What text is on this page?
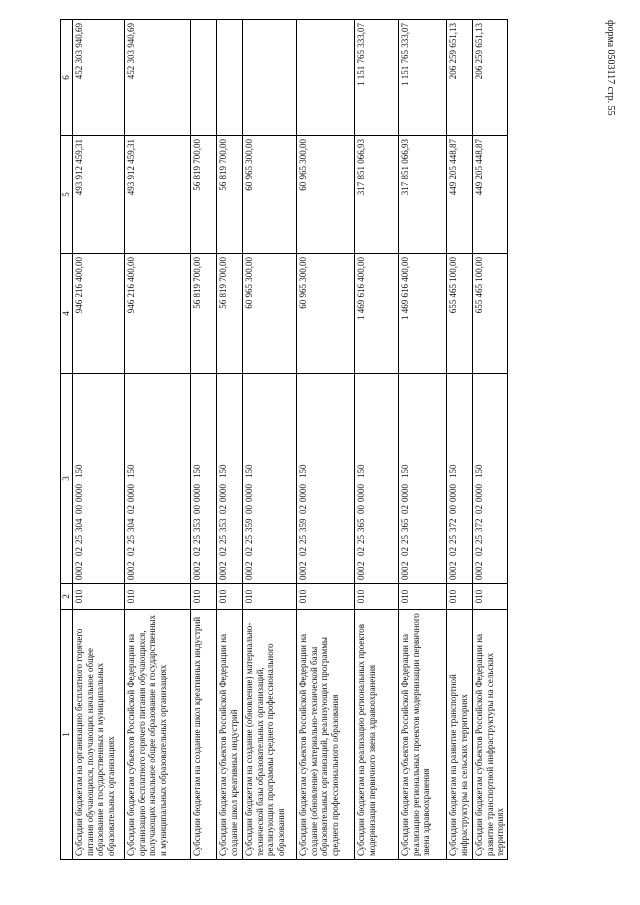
форма 0503117 стр. 55
1	2	3	4	5	6
Субсидии бюджетам на организацию бесплатного горячего питания обучающихся, получающих начальное общее образование в государственных и муниципальных образовательных организациях	010	00020225304000000150	946 216 400,00	493 912 459,31	452 303 940,69
Субсидии бюджетам субъектов Российской Федерации на организацию бесплатного горячего питания обучающихся, получающих начальное общее образование в государственных и муниципальных образовательных организациях	010	00020225304020000150	946 216 400,00	493 912 459,31	452 303 940,69
Субсидии бюджетам на создание школ креативных индустрий	010	00020225353000000150	56 819 700,00	56 819 700,00	
Субсидии бюджетам субъектов Российской Федерации на создание школ креативных индустрий	010	00020225353020000150	56 819 700,00	56 819 700,00	
Субсидии бюджетам на создание (обновление) материально-технической базы образовательных организаций, реализующих программы среднего профессионального образования	010	00020225359000000150	60 965 300,00	60 965 300,00	
Субсидии бюджетам субъектов Российской Федерации на создание (обновление) материально-технической базы образовательных организаций, реализующих программы среднего профессионального образования	010	00020225359020000150	60 965 300,00	60 965 300,00	
Субсидии бюджетам на реализацию региональных проектов модернизации первичного звена здравоохранения	010	00020225365000000150	1 469 616 400,00	317 851 066,93	1 151 765 333,07
Субсидии бюджетам субъектов Российской Федерации на реализацию региональных проектов модернизации первичного звена здравоохранения	010	00020225365020000150	1 469 616 400,00	317 851 066,93	1 151 765 333,07
Субсидии бюджетам на развитие транспортной инфраструктуры на сельских территориях	010	00020225372000000150	655 465 100,00	449 205 448,87	206 259 651,13
Субсидии бюджетам субъектов Российской Федерации на развитие транспортной инфраструктуры на сельских территориях	010	00020225372020000150	655 465 100,00	449 205 448,87	206 259 651,13
